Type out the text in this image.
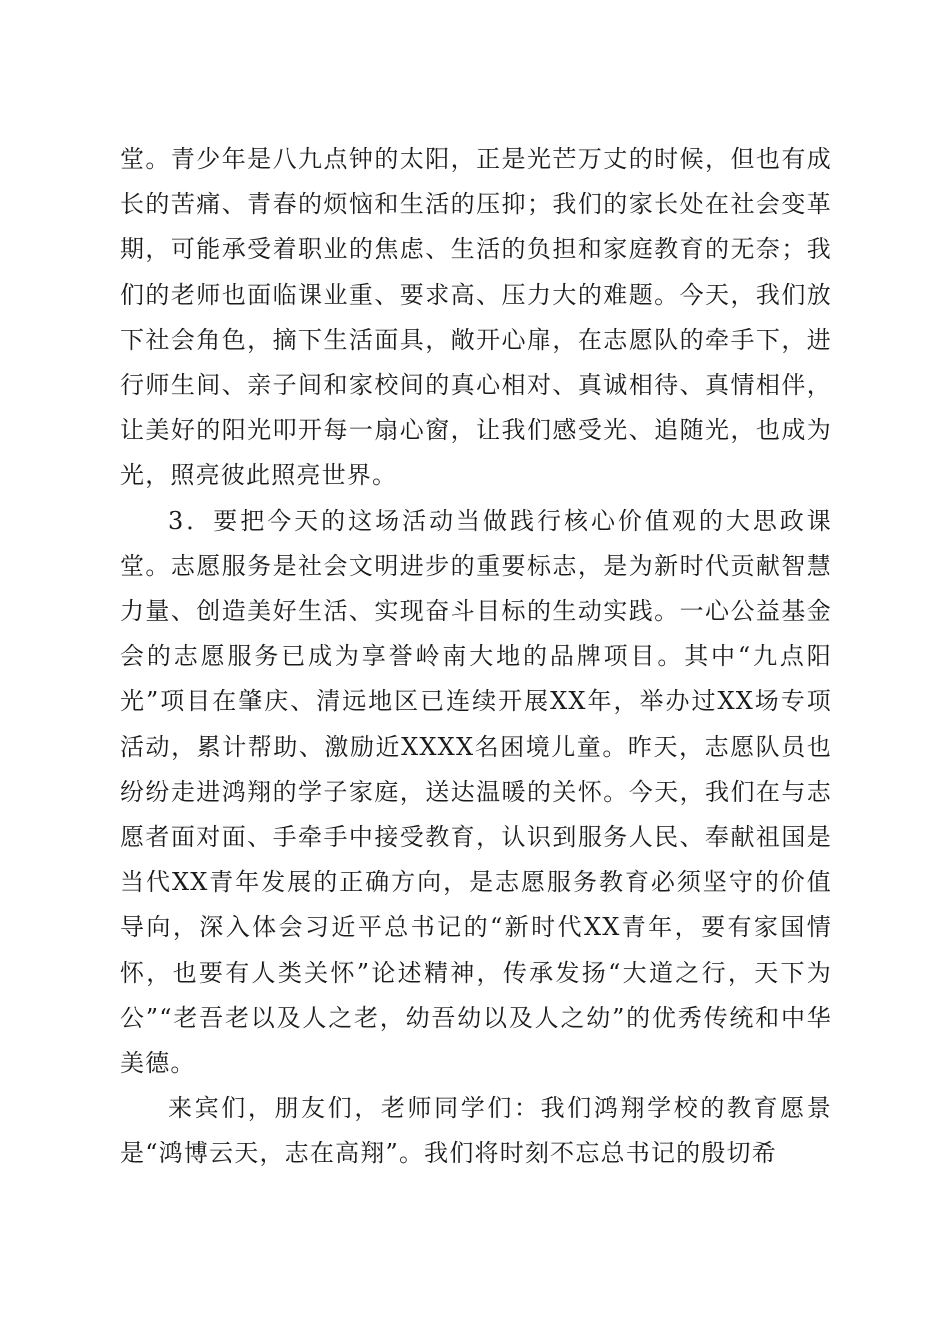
堂。青少年是八九点钟的太阳，正是光芒万丈的时候，但也有成长的苦痛、青春的烦恼和生活的压抑；我们的家长处在社会变革期，可能承受着职业的焦虑、生活的负担和家庭教育的无奈；我们的老师也面临课业重、要求高、压力大的难题。今天，我们放下社会角色，摘下生活面具，敞开心扉，在志愿队的牵手下，进行师生间、亲子间和家校间的真心相对、真诚相待、真情相伴，让美好的阳光叩开每一扇心窗，让我们感受光、追随光，也成为光，照亮彼此照亮世界。

3．要把今天的这场活动当做践行核心价值观的大思政课堂。志愿服务是社会文明进步的重要标志，是为新时代贡献智慧力量、创造美好生活、实现奋斗目标的生动实践。一心公益基金会的志愿服务已成为享誉岭南大地的品牌项目。其中“九点阳光”项目在肇庆、清远地区已连续开展XX年，举办过XX场专项活动，累计帮助、激励近XXXX名困境儿童。昨天，志愿队员也纷纷走进鸿翔的学子家庭，送达温暖的关怀。今天，我们在与志愿者面对面、手牵手中接受教育，认识到服务人民、奉献祖国是当代XX青年发展的正确方向，是志愿服务教育必须坚守的价值导向，深入体会习近平总书记的“新时代XX青年，要有家国情怀，也要有人类关怀”论述精神，传承发扬“大道之行，天下为公”“老吾老以及人之老，幼吾幼以及人之幼”的优秀传统和中华美德。

来宾们，朋友们，老师同学们：我们鸿翔学校的教育愿景是“鸿博云天，志在高翔”。我们将时刻不忘总书记的殷切希
